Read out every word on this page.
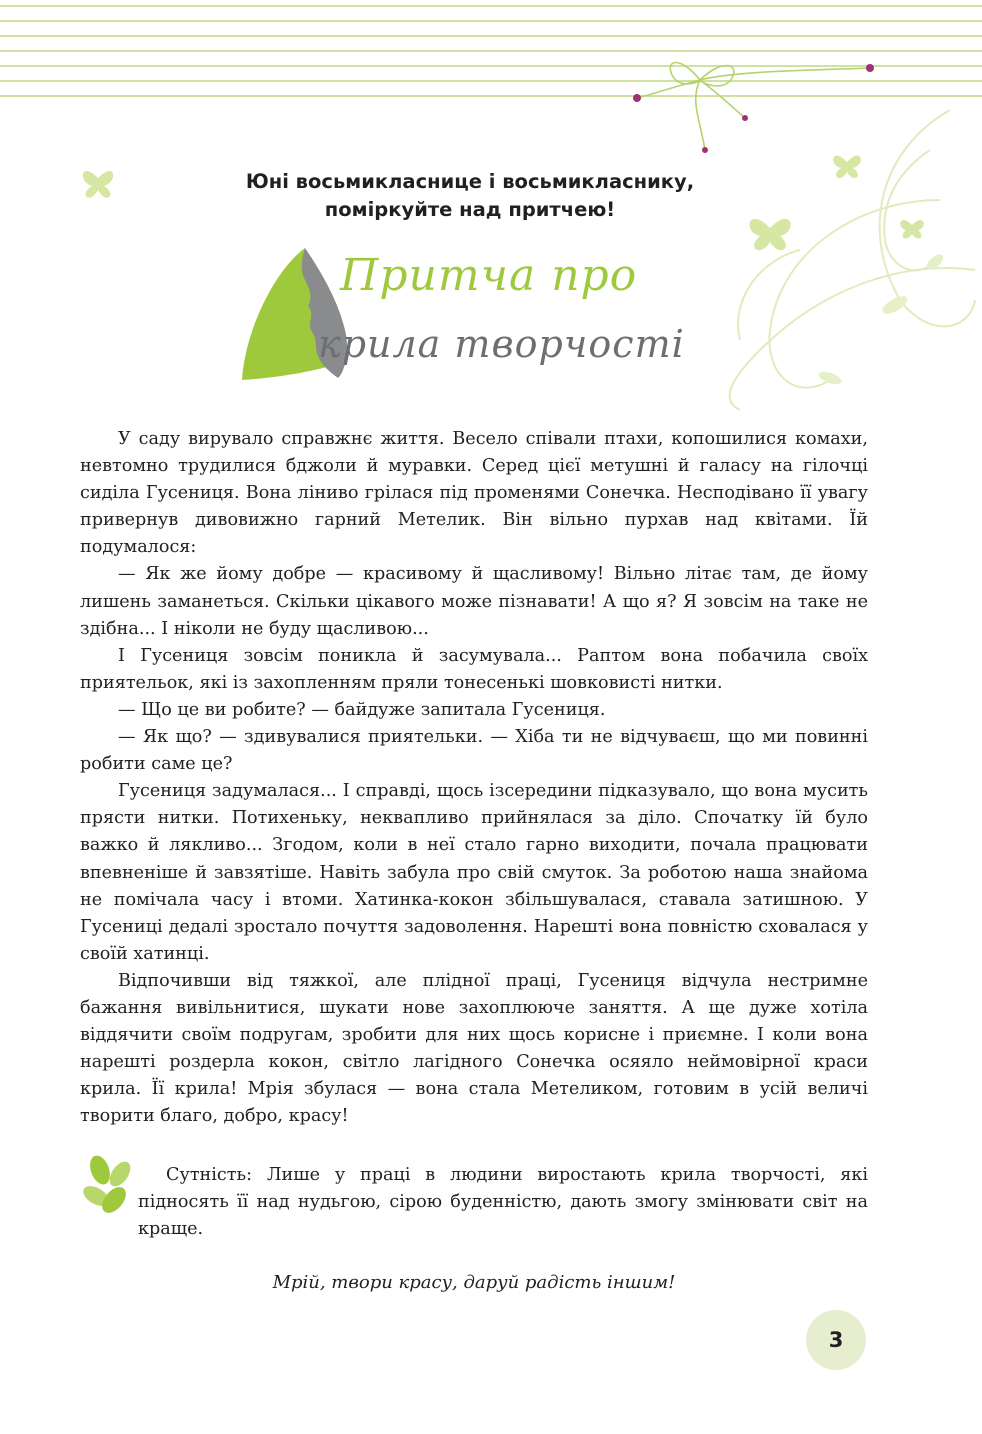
Юні восьмикласнице і восьмикласнику,
поміркуйте над притчею!
Притча про
крила творчості

У саду вирувало справжнє життя. Весело співали птахи, копошилися комахи, невтомно трудилися бджоли й муравки. Серед цієї метушні й галасу на гілочці сиділа Гусениця. Вона ліниво грілася під променями Сонечка. Несподівано її увагу привернув дивовижно гарний Метелик. Він вільно пурхав над квітами. Їй подумалося:

— Як же йому добре — красивому й щасливому! Вільно літає там, де йому лишень заманеться. Скільки цікавого може пізнавати! А що я? Я зовсім на таке не здібна... І ніколи не буду щасливою...

І Гусениця зовсім поникла й засумувала... Раптом вона побачила своїх приятельок, які із захопленням пряли тонесенькі шовковисті нитки.

— Що це ви робите? — байдуже запитала Гусениця.

— Як що? — здивувалися приятельки. — Хіба ти не відчуваєш, що ми повинні робити саме це?

Гусениця задумалася... І справді, щось ізсередини підказувало, що вона мусить прясти нитки. Потихеньку, неквапливо прийнялася за діло. Спочатку їй було важко й лякливо... Згодом, коли в неї стало гарно виходити, почала працювати впевненіше й завзятіше. Навіть забула про свій смуток. За роботою наша знайома не помічала часу і втоми. Хатинка-кокон збільшувалася, ставала затишною. У Гусениці дедалі зростало почуття задоволення. Нарешті вона повністю сховалася у своїй хатинці.

Відпочивши від тяжкої, але плідної праці, Гусениця відчула нестримне бажання вивільнитися, шукати нове захоплююче заняття. А ще дуже хотіла віддячити своїм подругам, зробити для них щось корисне і приємне. І коли вона нарешті роздерла кокон, світло лагідного Сонечка осяяло неймовірної краси крила. Її крила! Мрія збулася — вона стала Метеликом, готовим в усій величі творити благо, добро, красу!

Сутність: Лише у праці в людини виростають крила творчості, які підносять її над нудьгою, сірою буденністю, дають змогу змінювати світ на краще.

Мрій, твори красу, даруй радість іншим!
3
